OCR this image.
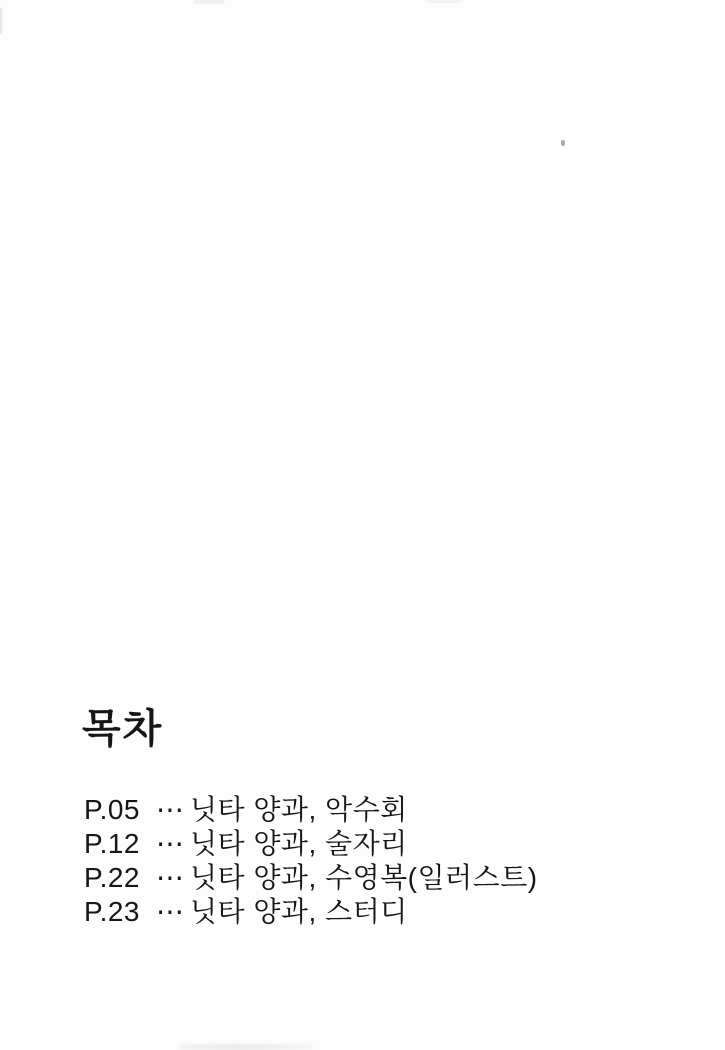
목차
P.05 ⋯ 닛타 양과, 악수회
P.12 ⋯ 닛타 양과, 술자리
P.22 ⋯ 닛타 양과, 수영복(일러스트)
P.23 ⋯ 닛타 양과, 스터디
